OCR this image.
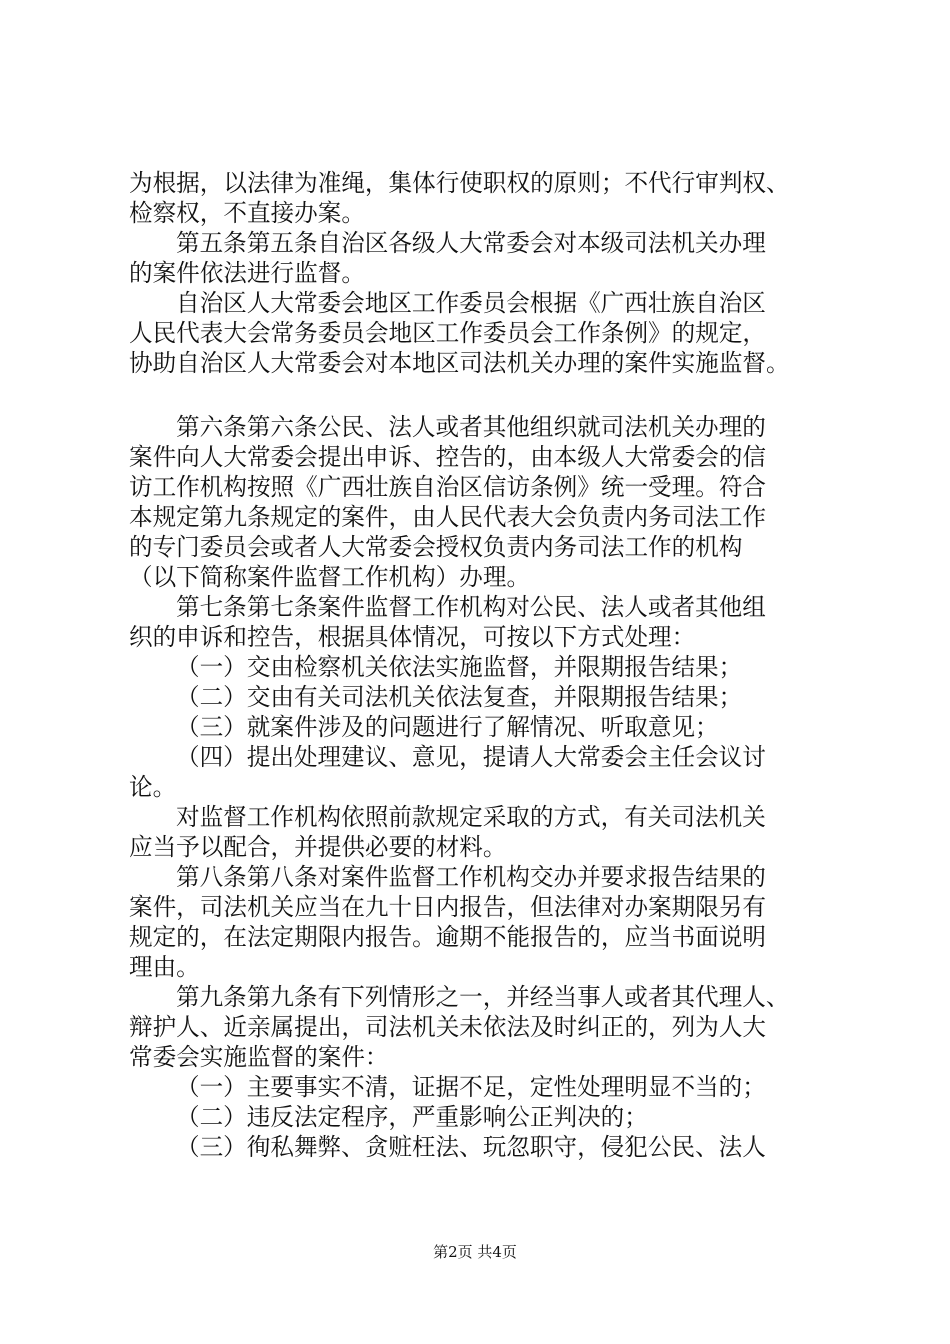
为根据，以法律为准绳，集体行使职权的原则；不代行审判权、
检察权，不直接办案。
第五条第五条自治区各级人大常委会对本级司法机关办理
的案件依法进行监督。
自治区人大常委会地区工作委员会根据《广西壮族自治区
人民代表大会常务委员会地区工作委员会工作条例》的规定，
协助自治区人大常委会对本地区司法机关办理的案件实施监督。
第六条第六条公民、法人或者其他组织就司法机关办理的
案件向人大常委会提出申诉、控告的，由本级人大常委会的信
访工作机构按照《广西壮族自治区信访条例》统一受理。符合
本规定第九条规定的案件，由人民代表大会负责内务司法工作
的专门委员会或者人大常委会授权负责内务司法工作的机构
（以下简称案件监督工作机构）办理。
第七条第七条案件监督工作机构对公民、法人或者其他组
织的申诉和控告，根据具体情况，可按以下方式处理：
（一）交由检察机关依法实施监督，并限期报告结果；
（二）交由有关司法机关依法复查，并限期报告结果；
（三）就案件涉及的问题进行了解情况、听取意见；
（四）提出处理建议、意见，提请人大常委会主任会议讨
论。
对监督工作机构依照前款规定采取的方式，有关司法机关
应当予以配合，并提供必要的材料。
第八条第八条对案件监督工作机构交办并要求报告结果的
案件，司法机关应当在九十日内报告，但法律对办案期限另有
规定的，在法定期限内报告。逾期不能报告的，应当书面说明
理由。
第九条第九条有下列情形之一，并经当事人或者其代理人、
辩护人、近亲属提出，司法机关未依法及时纠正的，列为人大
常委会实施监督的案件：
（一）主要事实不清，证据不足，定性处理明显不当的；
（二）违反法定程序，严重影响公正判决的；
（三）徇私舞弊、贪赃枉法、玩忽职守，侵犯公民、法人
第2页 共4页
